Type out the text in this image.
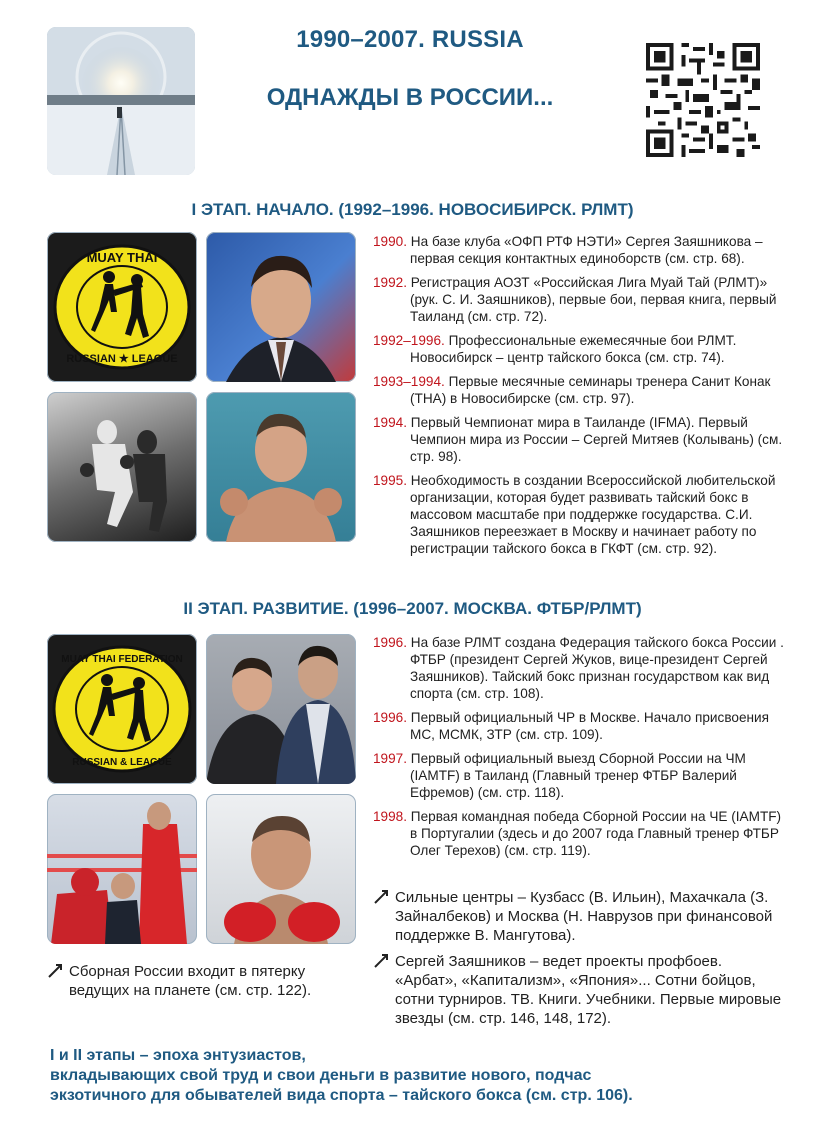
1990–2007. RUSSIA
ОДНАЖДЫ В РОССИИ...
I ЭТАП. НАЧАЛО. (1992–1996. НОВОСИБИРСК. РЛМТ)
MUAY THAI
RUSSIAN ★ LEAGUE

1990. На базе клуба «ОФП РТФ НЭТИ» Сергея Заяшникова – первая секция контактных единоборств (см. стр. 68).

1992. Регистрация АОЗТ «Российская Лига Муай Тай (РЛМТ)» (рук. С. И. Заяшников), первые бои, первая книга, первый Таиланд (см. стр. 72).

1992–1996. Профессиональные ежемесячные бои РЛМТ. Новосибирск – центр тайского бокса (см. стр. 74).

1993–1994. Первые месячные семинары тренера Санит Конак (ТНА) в Новосибирске (см. стр. 97).

1994. Первый Чемпионат мира в Таиланде (IFMA). Первый Чемпион мира из России – Сергей Митяев (Колывань) (см. стр. 98).

1995. Необходимость в создании Всероссийской любительской организации, которая будет развивать тайский бокс в массовом масштабе при поддержке государства. С.И. Заяшников переезжает в Москву и начинает работу по регистрации тайского бокса в ГКФТ (см. стр. 92).

II ЭТАП. РАЗВИТИЕ. (1996–2007. МОСКВА. ФТБР/РЛМТ)
MUAY THAI FEDERATION
RUSSIAN & LEAGUE

1996. На базе РЛМТ создана Федерация тайского бокса России . ФТБР (президент Сергей Жуков, вице-президент Сергей Заяшников). Тайский бокс признан государством как вид спорта (см. стр. 108).

1996. Первый официальный ЧР в Москве. Начало присвоения МС, МСМК, ЗТР (см. стр. 109).

1997. Первый официальный выезд Сборной России на ЧМ (IAMTF) в Таиланд (Главный тренер ФТБР Валерий Ефремов) (см. стр. 118).

1998. Первая командная победа Сборной России на ЧЕ (IAMTF) в Португалии (здесь и до 2007 года Главный тренер ФТБР Олег Терехов) (см. стр. 119).

Сильные центры – Кузбасс (В. Ильин), Махачкала (З. Зайналбеков) и Москва (Н. Наврузов при финансовой поддержке В. Мангутова).

Сергей Заяшников – ведет проекты профбоев. «Арбат», «Капитализм», «Япония»... Сотни бойцов, сотни турниров. ТВ. Книги. Учебники. Первые мировые звезды (см. стр. 146, 148, 172).

Сборная России входит в пятерку ведущих на планете (см. стр. 122).

I и II этапы – эпоха энтузиастов,
вкладывающих свой труд и свои деньги в развитие нового, подчас
экзотичного для обывателей вида спорта – тайского бокса (см. стр. 106).
